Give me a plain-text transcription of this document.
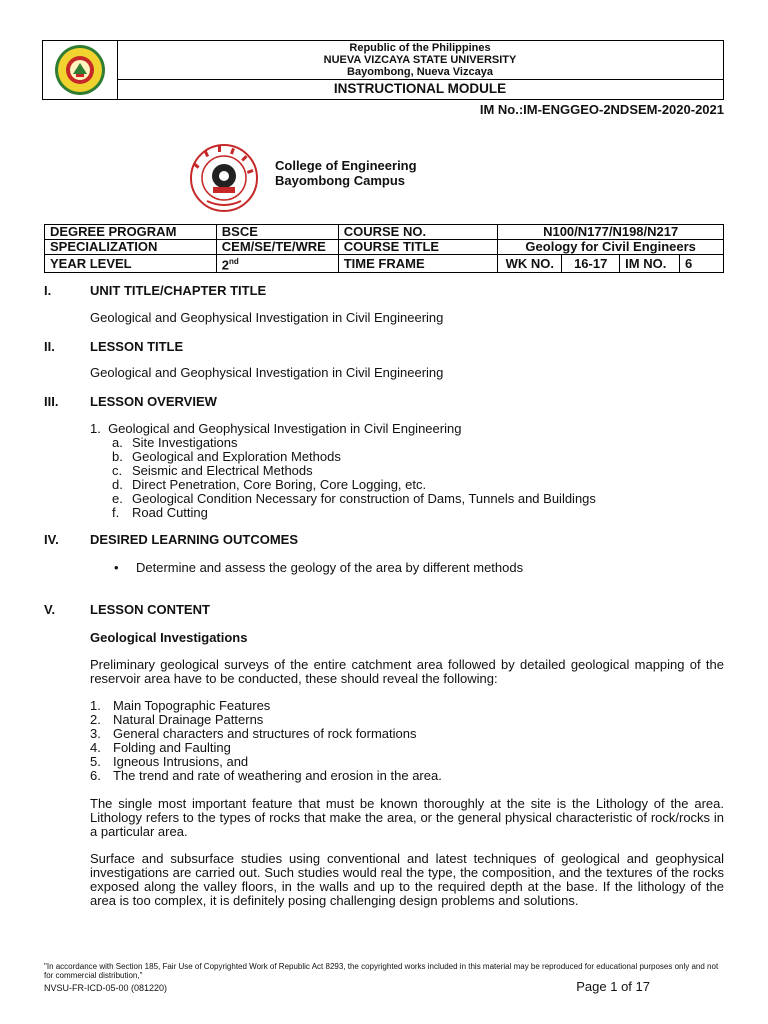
Republic of the Philippines
NUEVA VIZCAYA STATE UNIVERSITY
Bayombong, Nueva Vizcaya
INSTRUCTIONAL MODULE
IM No.:IM-ENGGEO-2NDSEM-2020-2021
College of Engineering
Bayombong Campus
DEGREE PROGRAM	BSCE	COURSE NO.	N100/N177/N198/N217			
SPECIALIZATION	CEM/SE/TE/WRE	COURSE TITLE	Geology for Civil Engineers			
YEAR LEVEL	2nd	TIME FRAME	WK NO.	16-17	IM NO.	6
I.	UNIT TITLE/CHAPTER TITLE
Geological and Geophysical Investigation in Civil Engineering
II.	LESSON TITLE
Geological and Geophysical Investigation in Civil Engineering
III. LESSON OVERVIEW
1.  Geological and Geophysical Investigation in Civil Engineering
a. Site Investigations
b. Geological and Exploration Methods
c. Seismic and Electrical Methods
d. Direct Penetration, Core Boring, Core Logging, etc.
e. Geological Condition Necessary for construction of Dams, Tunnels and Buildings
f. Road Cutting
IV. DESIRED LEARNING OUTCOMES
• Determine and assess the geology of the area by different methods
V.	LESSON CONTENT
Geological Investigations
Preliminary geological surveys of the entire catchment area followed by detailed geological mapping of the reservoir area have to be conducted, these should reveal the following:
1. Main Topographic Features
2. Natural Drainage Patterns
3. General characters and structures of rock formations
4. Folding and Faulting
5. Igneous Intrusions, and
6. The trend and rate of weathering and erosion in the area.
The single most important feature that must be known thoroughly at the site is the Lithology of the area. Lithology refers to the types of rocks that make the area, or the general physical characteristic of rock/rocks in a particular area.
Surface and subsurface studies using conventional and latest techniques of geological and geophysical investigations are carried out. Such studies would real the type, the composition, and the textures of the rocks exposed along the valley floors, in the walls and up to the required depth at the base. If the lithology of the area is too complex, it is definitely posing challenging design problems and solutions.
"In accordance with Section 185, Fair Use of Copyrighted Work of Republic Act 8293, the copyrighted works included in this material may be reproduced for educational purposes only and not for commercial distribution,"
NVSU-FR-ICD-05-00 (081220)	Page 1 of 17
